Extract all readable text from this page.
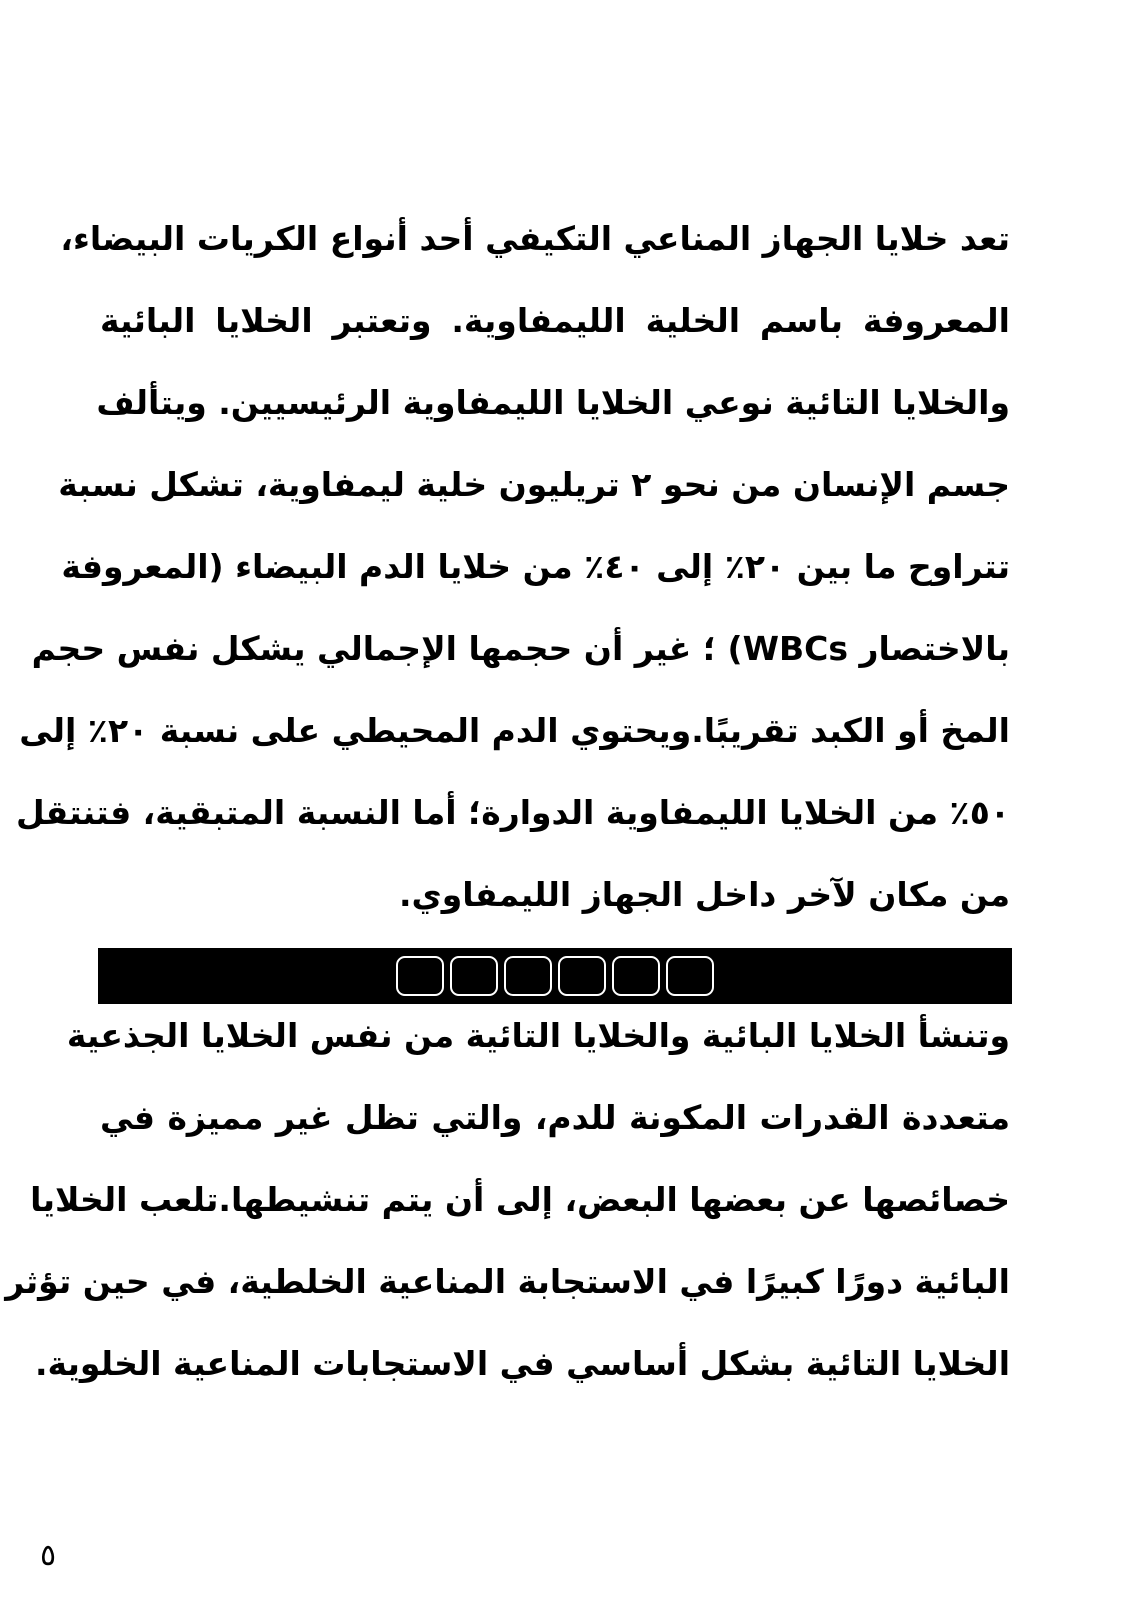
تعد خلايا الجهاز المناعي التكيفي أحد أنواع الكريات البيضاء،
المعروفة باسم الخلية الليمفاوية. وتعتبر الخلايا البائية
والخلايا التائية نوعي الخلايا الليمفاوية الرئيسيين. ويتألف
جسم الإنسان من نحو ٢ تريليون خلية ليمفاوية، تشكل نسبة
تتراوح ما بين ٢٠٪ إلى ٤٠٪ من خلايا الدم البيضاء (المعروفة
بالاختصار WBCs) ؛ غير أن حجمها الإجمالي يشكل نفس حجم
المخ أو الكبد تقريبًا.ويحتوي الدم المحيطي على نسبة ٢٠٪ إلى
٥٠٪ من الخلايا الليمفاوية الدوارة؛ أما النسبة المتبقية، فتنتقل
من مكان لآخر داخل الجهاز الليمفاوي.
وتنشأ الخلايا البائية والخلايا التائية من نفس الخلايا الجذعية
متعددة القدرات المكونة للدم، والتي تظل غير مميزة في
خصائصها عن بعضها البعض، إلى أن يتم تنشيطها.تلعب الخلايا
البائية دورًا كبيرًا في الاستجابة المناعية الخلطية، في حين تؤثر
الخلايا التائية بشكل أساسي في الاستجابات المناعية الخلوية.
٥
